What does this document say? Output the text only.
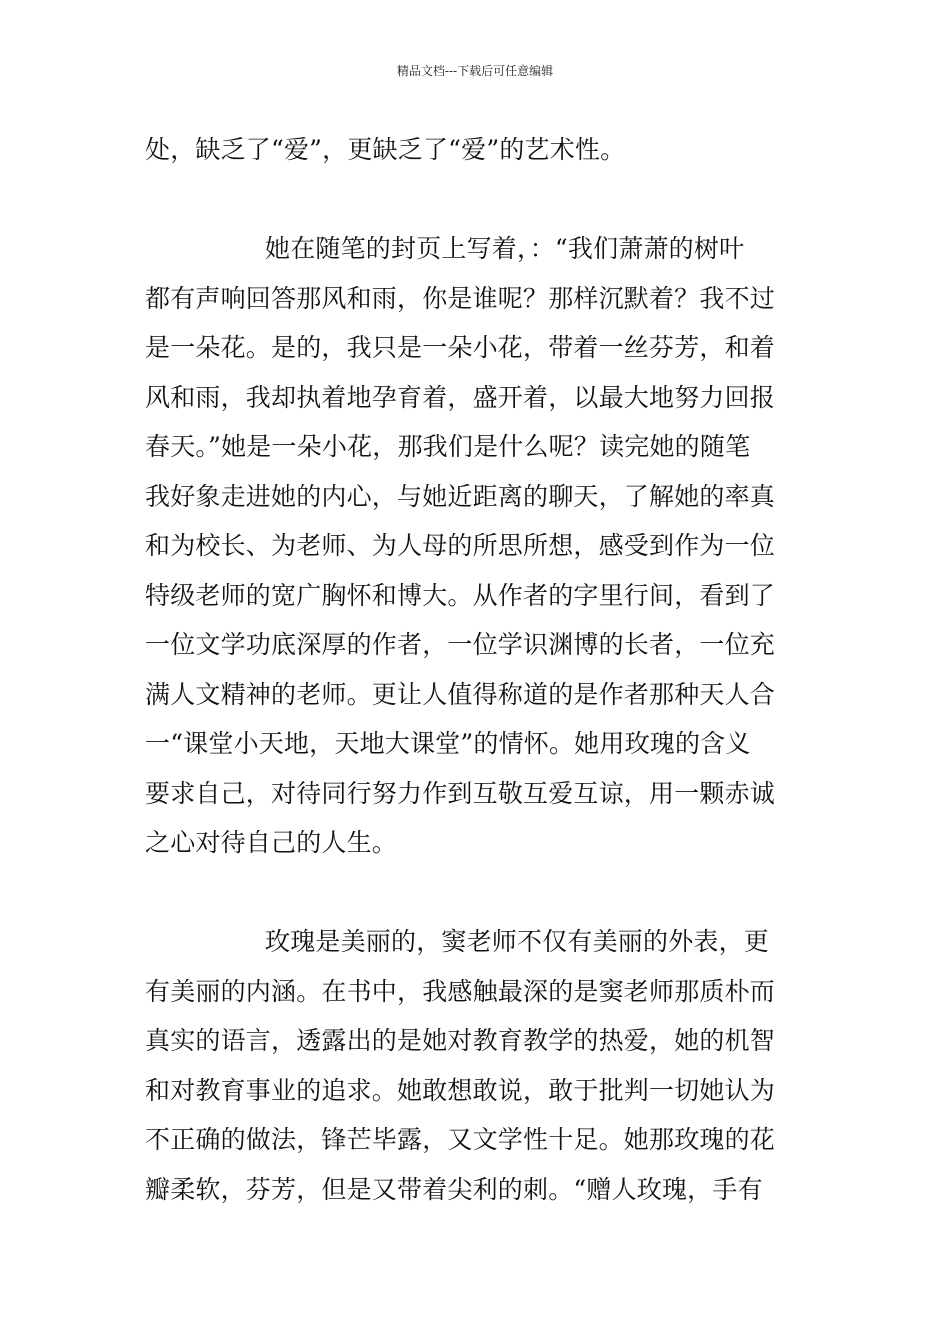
精品文档---下载后可任意编辑
处，缺乏了“爱”，更缺乏了“爱”的艺术性。
她在随笔的封页上写着，：“我们萧萧的树叶
都有声响回答那风和雨，你是谁呢？那样沉默着？我不过
是一朵花。是的，我只是一朵小花，带着一丝芬芳，和着
风和雨，我却执着地孕育着，盛开着，以最大地努力回报
春天。”她是一朵小花，那我们是什么呢？读完她的随笔
我好象走进她的内心，与她近距离的聊天，了解她的率真
和为校长、为老师、为人母的所思所想，感受到作为一位
特级老师的宽广胸怀和博大。从作者的字里行间，看到了
一位文学功底深厚的作者，一位学识渊博的长者，一位充
满人文精神的老师。更让人值得称道的是作者那种天人合
一“课堂小天地，天地大课堂”的情怀。她用玫瑰的含义
要求自己，对待同行努力作到互敬互爱互谅，用一颗赤诚
之心对待自己的人生。
玫瑰是美丽的，窦老师不仅有美丽的外表，更
有美丽的内涵。在书中，我感触最深的是窦老师那质朴而
真实的语言，透露出的是她对教育教学的热爱，她的机智
和对教育事业的追求。她敢想敢说，敢于批判一切她认为
不正确的做法，锋芒毕露，又文学性十足。她那玫瑰的花
瓣柔软，芬芳，但是又带着尖利的刺。“赠人玫瑰，手有
